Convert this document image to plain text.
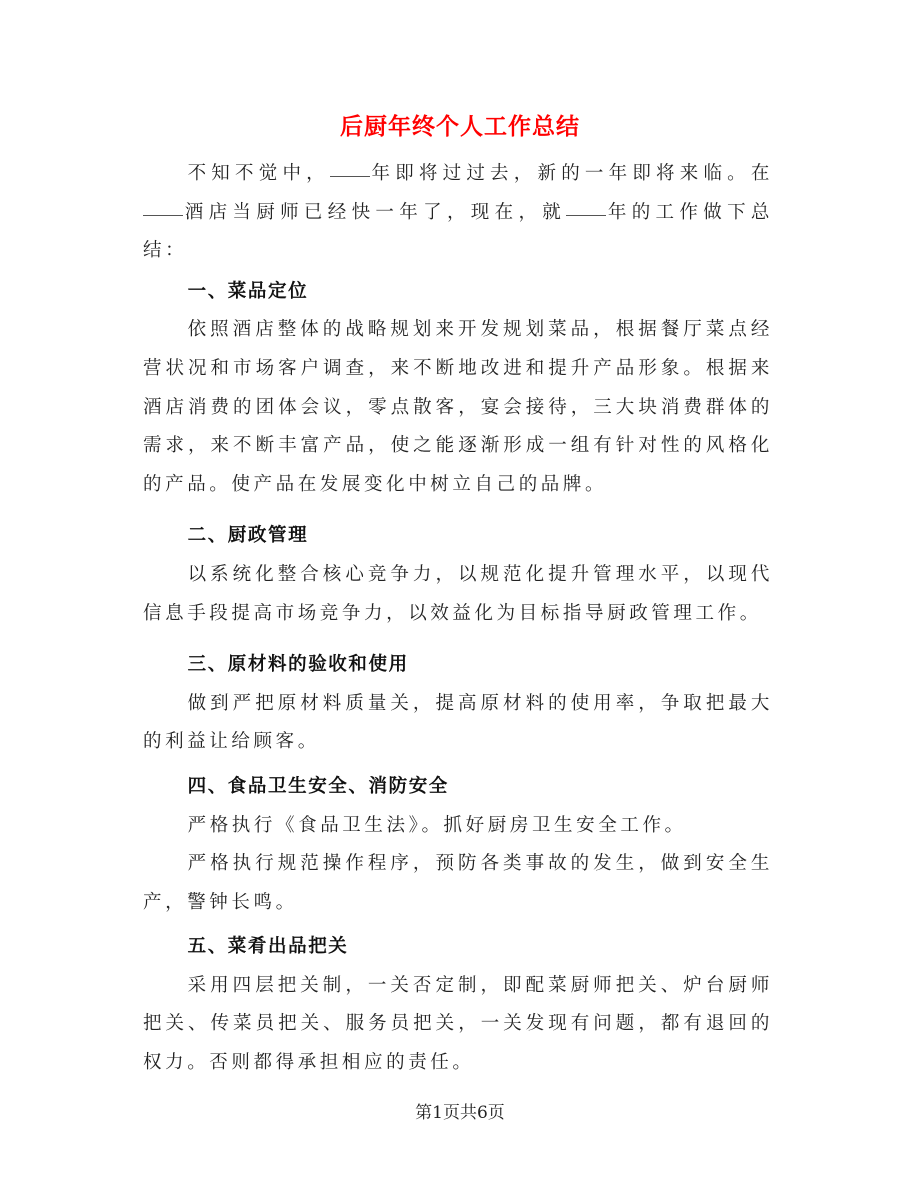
后厨年终个人工作总结

不知不觉中， 年即将过过去，新的一年即将来临。在酒店当厨师已经快一年了，现在，就 年的工作做下总结：

一、菜品定位

依照酒店整体的战略规划来开发规划菜品，根据餐厅菜点经营状况和市场客户调查，来不断地改进和提升产品形象。根据来酒店消费的团体会议，零点散客，宴会接待，三大块消费群体的需求，来不断丰富产品，使之能逐渐形成一组有针对性的风格化的产品。使产品在发展变化中树立自己的品牌。

二、厨政管理

以系统化整合核心竞争力，以规范化提升管理水平，以现代信息手段提高市场竞争力，以效益化为目标指导厨政管理工作。

三、原材料的验收和使用

做到严把原材料质量关，提高原材料的使用率，争取把最大的利益让给顾客。

四、食品卫生安全、消防安全

严格执行《食品卫生法》。抓好厨房卫生安全工作。

严格执行规范操作程序，预防各类事故的发生，做到安全生产，警钟长鸣。

五、菜肴出品把关

采用四层把关制，一关否定制，即配菜厨师把关、炉台厨师把关、传菜员把关、服务员把关，一关发现有问题，都有退回的权力。否则都得承担相应的责任。

第1页共6页
